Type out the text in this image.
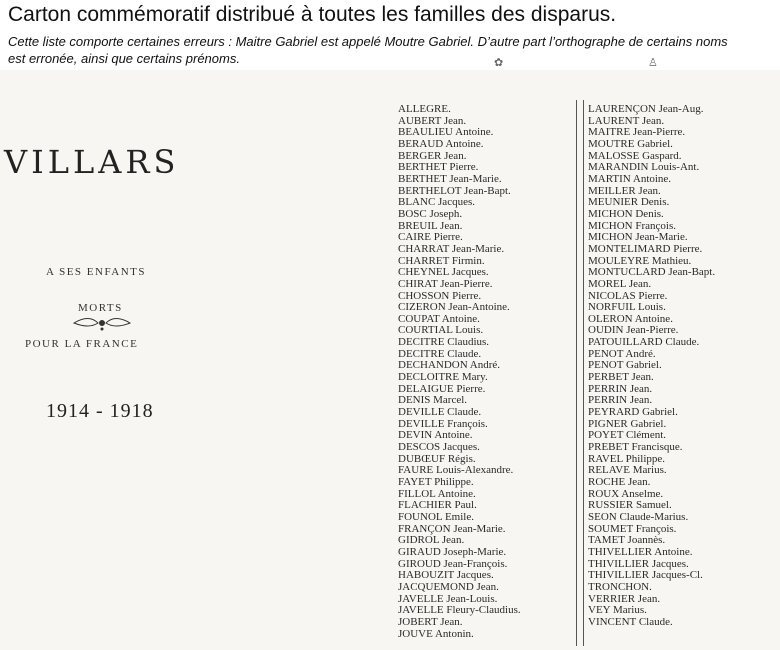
Carton commémoratif distribué à toutes les familles des disparus.
Cette liste comporte certaines erreurs : Maitre Gabriel est appelé Moutre Gabriel. D’autre part l’orthographe de certains noms est erronée, ainsi que certains prénoms.	✿	♙
VILLARS
A SES ENFANTS
MORTS
POUR LA FRANCE
1914 - 1918
ALLEGRE.
AUBERT Jean.
BEAULIEU Antoine.
BERAUD Antoine.
BERGER Jean.
BERTHET Pierre.
BERTHET Jean-Marie.
BERTHELOT Jean-Bapt.
BLANC Jacques.
BOSC Joseph.
BREUIL Jean.
CAIRE Pierre.
CHARRAT Jean-Marie.
CHARRET Firmin.
CHEYNEL Jacques.
CHIRAT Jean-Pierre.
CHOSSON Pierre.
CIZERON Jean-Antoine.
COUPAT Antoine.
COURTIAL Louis.
DECITRE Claudius.
DECITRE Claude.
DECHANDON André.
DECLOITRE Mary.
DELAIGUE Pierre.
DENIS Marcel.
DEVILLE Claude.
DEVILLE François.
DEVIN Antoine.
DESCOS Jacques.
DUBŒUF Régis.
FAURE Louis-Alexandre.
FAYET Philippe.
FILLOL Antoine.
FLACHIER Paul.
FOUNOL Emile.
FRANÇON Jean-Marie.
GIDROL Jean.
GIRAUD Joseph-Marie.
GIROUD Jean-François.
HABOUZIT Jacques.
JACQUEMOND Jean.
JAVELLE Jean-Louis.
JAVELLE Fleury-Claudius.
JOBERT Jean.
JOUVE Antonin.
LAURENÇON Jean-Aug.
LAURENT Jean.
MAITRE Jean-Pierre.
MOUTRE Gabriel.
MALOSSE Gaspard.
MARANDIN Louis-Ant.
MARTIN Antoine.
MEILLER Jean.
MEUNIER Denis.
MICHON Denis.
MICHON François.
MICHON Jean-Marie.
MONTELIMARD Pierre.
MOULEYRE Mathieu.
MONTUCLARD Jean-Bapt.
MOREL Jean.
NICOLAS Pierre.
NORFUIL Louis.
OLERON Antoine.
OUDIN Jean-Pierre.
PATOUILLARD Claude.
PENOT André.
PENOT Gabriel.
PERBET Jean.
PERRIN Jean.
PERRIN Jean.
PEYRARD Gabriel.
PIGNER Gabriel.
POYET Clément.
PREBET Francisque.
RAVEL Philippe.
RELAVE Marius.
ROCHE Jean.
ROUX Anselme.
RUSSIER Samuel.
SEON Claude-Marius.
SOUMET François.
TAMET Joannès.
THIVELLIER Antoine.
THIVILLIER Jacques.
THIVILLIER Jacques-Cl.
TRONCHON.
VERRIER Jean.
VEY Marius.
VINCENT Claude.
